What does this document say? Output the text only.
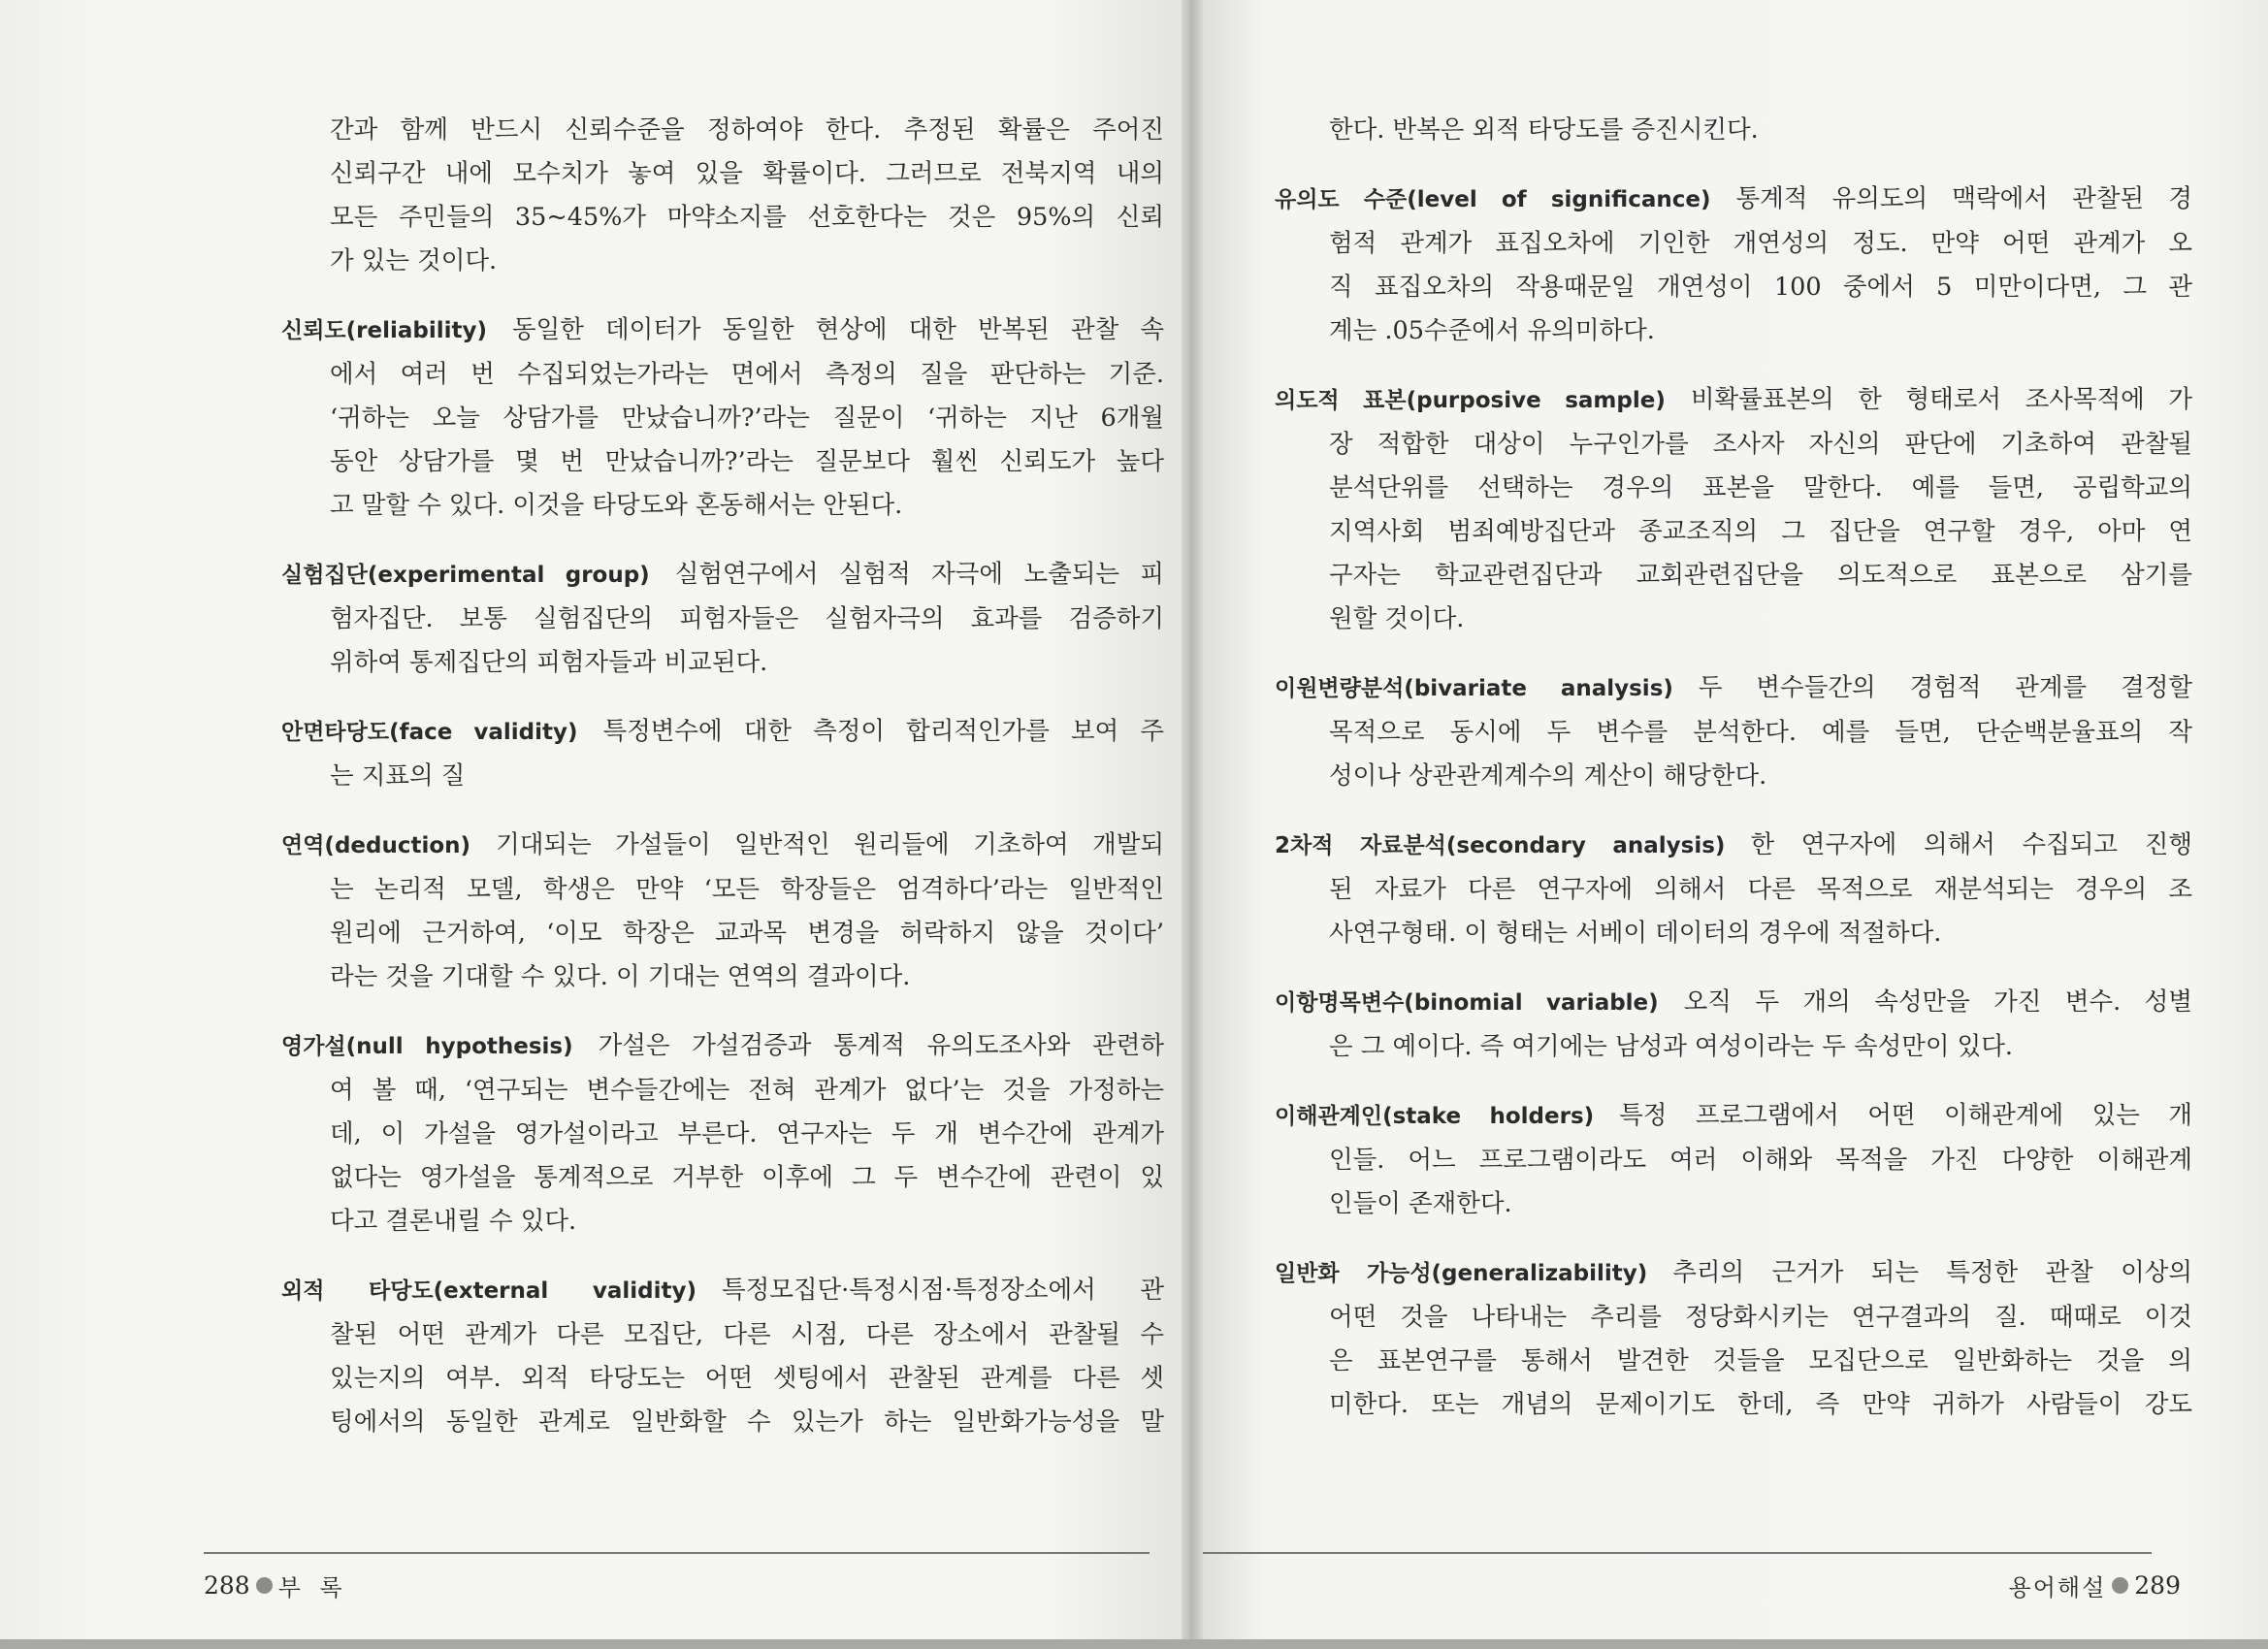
간과 함께 반드시 신뢰수준을 정하여야 한다. 추정된 확률은 주어진
신뢰구간 내에 모수치가 놓여 있을 확률이다. 그러므로 전북지역 내의
모든 주민들의 35~45%가 마약소지를 선호한다는 것은 95%의 신뢰
가 있는 것이다.
신뢰도(reliability) 동일한 데이터가 동일한 현상에 대한 반복된 관찰 속
에서 여러 번 수집되었는가라는 면에서 측정의 질을 판단하는 기준.
‘귀하는 오늘 상담가를 만났습니까?’라는 질문이 ‘귀하는 지난 6개월
동안 상담가를 몇 번 만났습니까?’라는 질문보다 훨씬 신뢰도가 높다
고 말할 수 있다. 이것을 타당도와 혼동해서는 안된다.
실험집단(experimental group) 실험연구에서 실험적 자극에 노출되는 피
험자집단. 보통 실험집단의 피험자들은 실험자극의 효과를 검증하기
위하여 통제집단의 피험자들과 비교된다.
안면타당도(face validity) 특정변수에 대한 측정이 합리적인가를 보여 주
는 지표의 질
연역(deduction) 기대되는 가설들이 일반적인 원리들에 기초하여 개발되
는 논리적 모델, 학생은 만약 ‘모든 학장들은 엄격하다’라는 일반적인
원리에 근거하여, ‘이모 학장은 교과목 변경을 허락하지 않을 것이다’
라는 것을 기대할 수 있다. 이 기대는 연역의 결과이다.
영가설(null hypothesis) 가설은 가설검증과 통계적 유의도조사와 관련하
여 볼 때, ‘연구되는 변수들간에는 전혀 관계가 없다’는 것을 가정하는
데, 이 가설을 영가설이라고 부른다. 연구자는 두 개 변수간에 관계가
없다는 영가설을 통계적으로 거부한 이후에 그 두 변수간에 관련이 있
다고 결론내릴 수 있다.
외적 타당도(external validity) 특정모집단·특정시점·특정장소에서 관
찰된 어떤 관계가 다른 모집단, 다른 시점, 다른 장소에서 관찰될 수
있는지의 여부. 외적 타당도는 어떤 셋팅에서 관찰된 관계를 다른 셋
팅에서의 동일한 관계로 일반화할 수 있는가 하는 일반화가능성을 말
288 부 록
한다. 반복은 외적 타당도를 증진시킨다.
유의도 수준(level of significance) 통계적 유의도의 맥락에서 관찰된 경
험적 관계가 표집오차에 기인한 개연성의 정도. 만약 어떤 관계가 오
직 표집오차의 작용때문일 개연성이 100 중에서 5 미만이다면, 그 관
계는 .05수준에서 유의미하다.
의도적 표본(purposive sample) 비확률표본의 한 형태로서 조사목적에 가
장 적합한 대상이 누구인가를 조사자 자신의 판단에 기초하여 관찰될
분석단위를 선택하는 경우의 표본을 말한다. 예를 들면, 공립학교의
지역사회 범죄예방집단과 종교조직의 그 집단을 연구할 경우, 아마 연
구자는 학교관련집단과 교회관련집단을 의도적으로 표본으로 삼기를
원할 것이다.
이원변량분석(bivariate analysis) 두 변수들간의 경험적 관계를 결정할
목적으로 동시에 두 변수를 분석한다. 예를 들면, 단순백분율표의 작
성이나 상관관계계수의 계산이 해당한다.
2차적 자료분석(secondary analysis) 한 연구자에 의해서 수집되고 진행
된 자료가 다른 연구자에 의해서 다른 목적으로 재분석되는 경우의 조
사연구형태. 이 형태는 서베이 데이터의 경우에 적절하다.
이항명목변수(binomial variable) 오직 두 개의 속성만을 가진 변수. 성별
은 그 예이다. 즉 여기에는 남성과 여성이라는 두 속성만이 있다.
이해관계인(stake holders) 특정 프로그램에서 어떤 이해관계에 있는 개
인들. 어느 프로그램이라도 여러 이해와 목적을 가진 다양한 이해관계
인들이 존재한다.
일반화 가능성(generalizability) 추리의 근거가 되는 특정한 관찰 이상의
어떤 것을 나타내는 추리를 정당화시키는 연구결과의 질. 때때로 이것
은 표본연구를 통해서 발견한 것들을 모집단으로 일반화하는 것을 의
미한다. 또는 개념의 문제이기도 한데, 즉 만약 귀하가 사람들이 강도
용어해설 289
